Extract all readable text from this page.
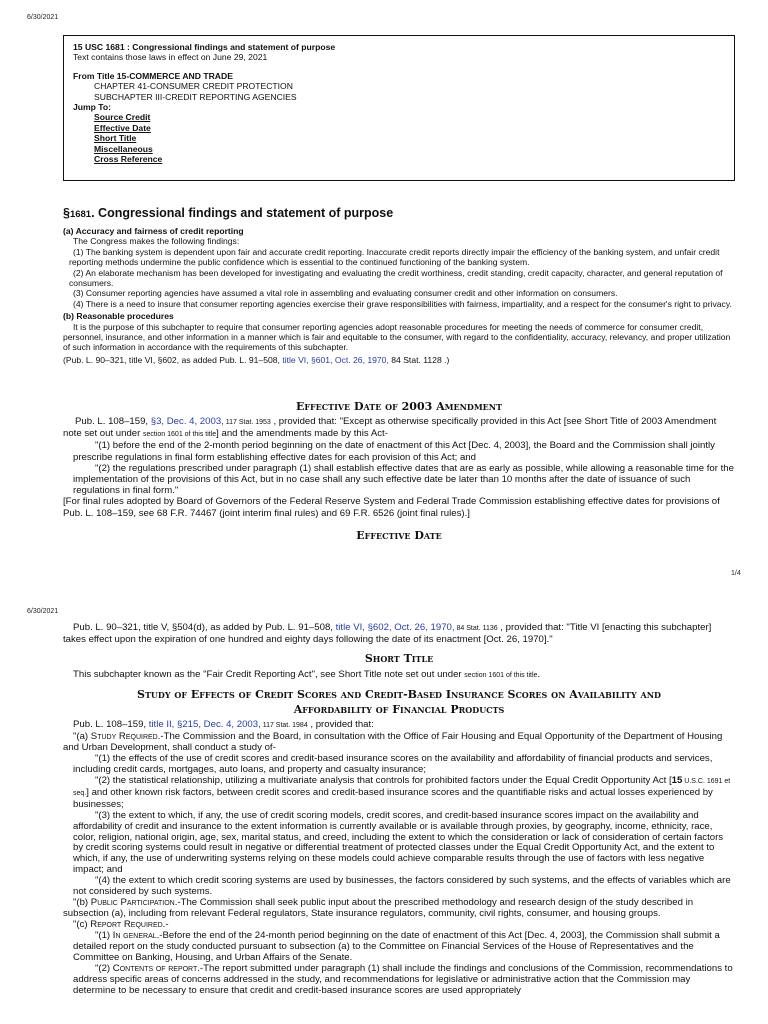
6/30/2021
15 USC 1681 : Congressional findings and statement of purpose
Text contains those laws in effect on June 29, 2021
From Title 15-COMMERCE AND TRADE
CHAPTER 41-CONSUMER CREDIT PROTECTION
SUBCHAPTER III-CREDIT REPORTING AGENCIES
Jump To:
Source Credit
Effective Date
Short Title
Miscellaneous
Cross Reference
§1681. Congressional findings and statement of purpose
(a) Accuracy and fairness of credit reporting
The Congress makes the following findings:
(1) The banking system is dependent upon fair and accurate credit reporting. Inaccurate credit reports directly impair the efficiency of the banking system, and unfair credit reporting methods undermine the public confidence which is essential to the continued functioning of the banking system.
(2) An elaborate mechanism has been developed for investigating and evaluating the credit worthiness, credit standing, credit capacity, character, and general reputation of consumers.
(3) Consumer reporting agencies have assumed a vital role in assembling and evaluating consumer credit and other information on consumers.
(4) There is a need to insure that consumer reporting agencies exercise their grave responsibilities with fairness, impartiality, and a respect for the consumer's right to privacy.
(b) Reasonable procedures
It is the purpose of this subchapter to require that consumer reporting agencies adopt reasonable procedures for meeting the needs of commerce for consumer credit, personnel, insurance, and other information in a manner which is fair and equitable to the consumer, with regard to the confidentiality, accuracy, relevancy, and proper utilization of such information in accordance with the requirements of this subchapter.
(Pub. L. 90–321, title VI, §602, as added Pub. L. 91–508, title VI, §601, Oct. 26, 1970, 84 Stat. 1128 .)
Effective Date of 2003 Amendment
Pub. L. 108–159, §3, Dec. 4, 2003, 117 Stat. 1953 , provided that: "Except as otherwise specifically provided in this Act [see Short Title of 2003 Amendment note set out under section 1601 of this title] and the amendments made by this Act-
"(1) before the end of the 2-month period beginning on the date of enactment of this Act [Dec. 4, 2003], the Board and the Commission shall jointly prescribe regulations in final form establishing effective dates for each provision of this Act; and
"(2) the regulations prescribed under paragraph (1) shall establish effective dates that are as early as possible, while allowing a reasonable time for the implementation of the provisions of this Act, but in no case shall any such effective date be later than 10 months after the date of issuance of such regulations in final form."
[For final rules adopted by Board of Governors of the Federal Reserve System and Federal Trade Commission establishing effective dates for provisions of Pub. L. 108–159, see 68 F.R. 74467 (joint interim final rules) and 69 F.R. 6526 (joint final rules).]
Effective Date
1/4
6/30/2021
Pub. L. 90–321, title V, §504(d), as added by Pub. L. 91–508, title VI, §602, Oct. 26, 1970, 84 Stat. 1136 , provided that: "Title VI [enacting this subchapter] takes effect upon the expiration of one hundred and eighty days following the date of its enactment [Oct. 26, 1970]."
Short Title
This subchapter known as the "Fair Credit Reporting Act", see Short Title note set out under section 1601 of this title.
Study of Effects of Credit Scores and Credit-Based Insurance Scores on Availability and
Affordability of Financial Products
Pub. L. 108–159, title II, §215, Dec. 4, 2003, 117 Stat. 1984 , provided that:
"(a) Study Required.-The Commission and the Board, in consultation with the Office of Fair Housing and Equal Opportunity of the Department of Housing and Urban Development, shall conduct a study of-
"(1) the effects of the use of credit scores and credit-based insurance scores on the availability and affordability of financial products and services, including credit cards, mortgages, auto loans, and property and casualty insurance;
"(2) the statistical relationship, utilizing a multivariate analysis that controls for prohibited factors under the Equal Credit Opportunity Act [15 U.S.C. 1691 et seq.] and other known risk factors, between credit scores and credit-based insurance scores and the quantifiable risks and actual losses experienced by businesses;
"(3) the extent to which, if any, the use of credit scoring models, credit scores, and credit-based insurance scores impact on the availability and affordability of credit and insurance to the extent information is currently available or is available through proxies, by geography, income, ethnicity, race, color, religion, national origin, age, sex, marital status, and creed, including the extent to which the consideration or lack of consideration of certain factors by credit scoring systems could result in negative or differential treatment of protected classes under the Equal Credit Opportunity Act, and the extent to which, if any, the use of underwriting systems relying on these models could achieve comparable results through the use of factors with less negative impact; and
"(4) the extent to which credit scoring systems are used by businesses, the factors considered by such systems, and the effects of variables which are not considered by such systems.
"(b) Public Participation.-The Commission shall seek public input about the prescribed methodology and research design of the study described in subsection (a), including from relevant Federal regulators, State insurance regulators, community, civil rights, consumer, and housing groups.
"(c) Report Required.-
"(1) In general.-Before the end of the 24-month period beginning on the date of enactment of this Act [Dec. 4, 2003], the Commission shall submit a detailed report on the study conducted pursuant to subsection (a) to the Committee on Financial Services of the House of Representatives and the Committee on Banking, Housing, and Urban Affairs of the Senate.
"(2) Contents of report.-The report submitted under paragraph (1) shall include the findings and conclusions of the Commission, recommendations to address specific areas of concerns addressed in the study, and recommendations for legislative or administrative action that the Commission may determine to be necessary to ensure that credit and credit-based insurance scores are used appropriately
